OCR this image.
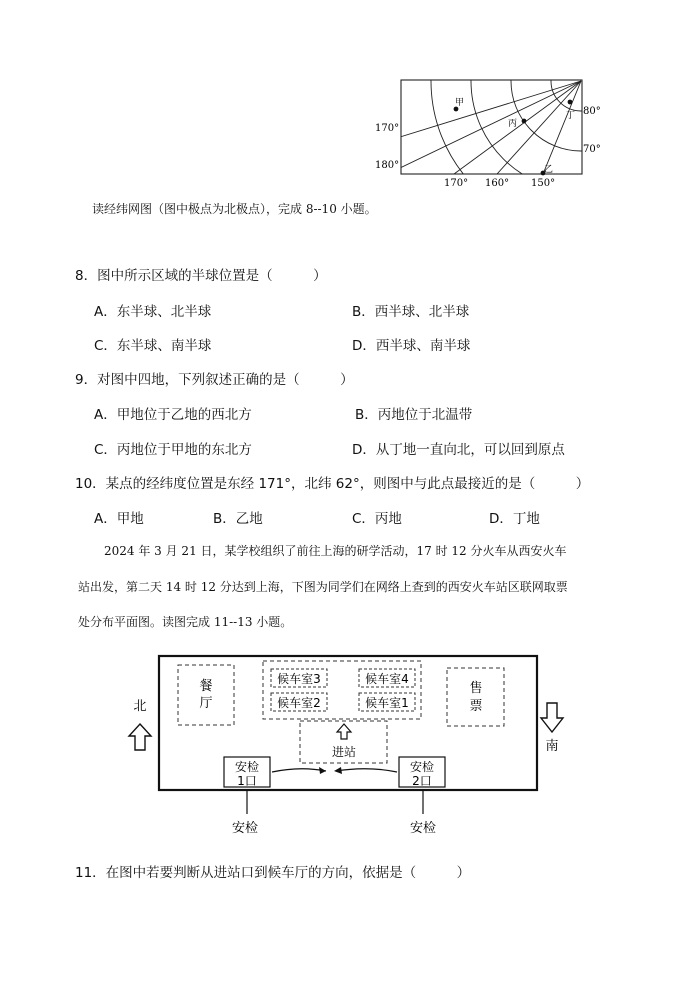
甲
丙
丁
乙
170°
180°
80°
70°
170° 160° 150°
读经纬网图（图中极点为北极点），完成 8--10 小题。
8．图中所示区域的半球位置是（　　　）
A．东半球、北半球	B．西半球、北半球
C．东半球、南半球	D．西半球、南半球
9．对图中四地，下列叙述正确的是（　　　）
A．甲地位于乙地的西北方	B．丙地位于北温带
C．丙地位于甲地的东北方	D．从丁地一直向北，可以回到原点
10．某点的经纬度位置是东经 171°，北纬 62°，则图中与此点最接近的是（　　　）
A．甲地	B．乙地	C．丙地	D．丁地
2024 年 3 月 21 日，某学校组织了前往上海的研学活动，17 时 12 分火车从西安火车
站出发，第二天 14 时 12 分达到上海，下图为同学们在网络上查到的西安火车站区联网取票
处分布平面图。读图完成 11--13 小题。
餐
厅
候车室3	候车室4
候车室2	候车室1
售
票
进站
安检
1口
安检
2口
安检	安检
北
南
11．在图中若要判断从进站口到候车厅的方向，依据是（　　　）
